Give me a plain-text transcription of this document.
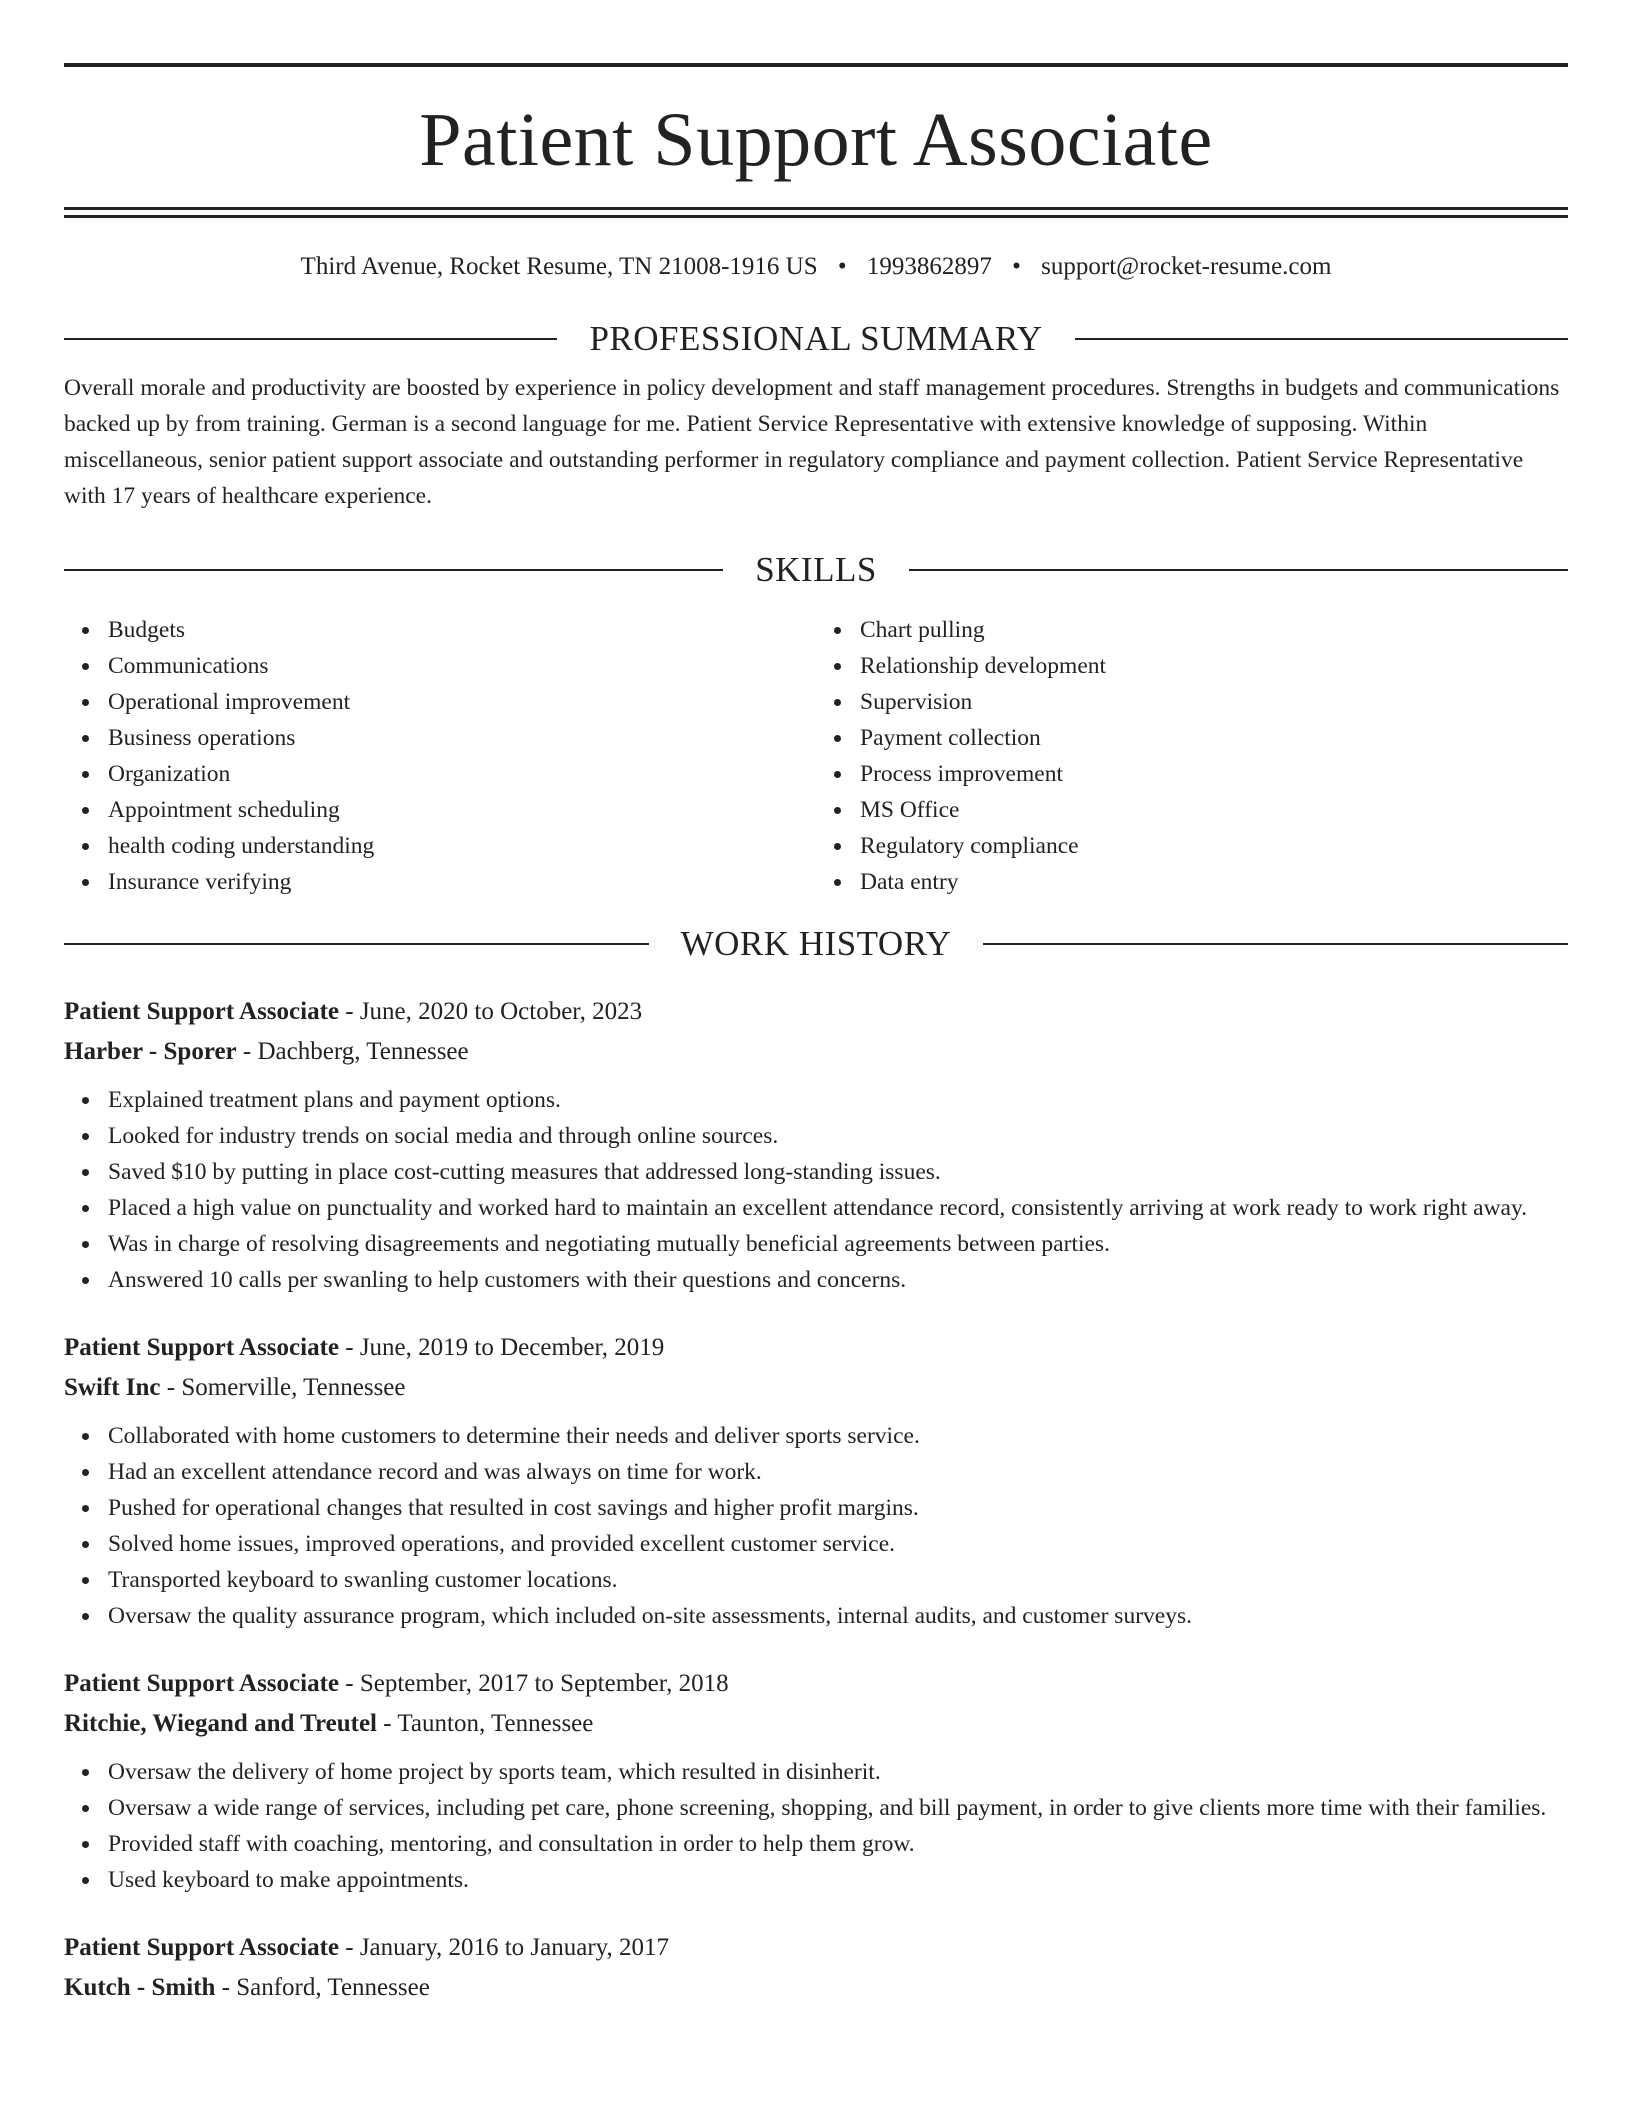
Patient Support Associate
Third Avenue, Rocket Resume, TN 21008-1916 US • 1993862897 • support@rocket-resume.com
PROFESSIONAL SUMMARY
Overall morale and productivity are boosted by experience in policy development and staff management procedures. Strengths in budgets and communications backed up by from training. German is a second language for me. Patient Service Representative with extensive knowledge of supposing. Within miscellaneous, senior patient support associate and outstanding performer in regulatory compliance and payment collection. Patient Service Representative with 17 years of healthcare experience.
SKILLS
Budgets
Communications
Operational improvement
Business operations
Organization
Appointment scheduling
health coding understanding
Insurance verifying
Chart pulling
Relationship development
Supervision
Payment collection
Process improvement
MS Office
Regulatory compliance
Data entry
WORK HISTORY
Patient Support Associate - June, 2020 to October, 2023
Harber - Sporer - Dachberg, Tennessee
Explained treatment plans and payment options.
Looked for industry trends on social media and through online sources.
Saved $10 by putting in place cost-cutting measures that addressed long-standing issues.
Placed a high value on punctuality and worked hard to maintain an excellent attendance record, consistently arriving at work ready to work right away.
Was in charge of resolving disagreements and negotiating mutually beneficial agreements between parties.
Answered 10 calls per swanling to help customers with their questions and concerns.
Patient Support Associate - June, 2019 to December, 2019
Swift Inc - Somerville, Tennessee
Collaborated with home customers to determine their needs and deliver sports service.
Had an excellent attendance record and was always on time for work.
Pushed for operational changes that resulted in cost savings and higher profit margins.
Solved home issues, improved operations, and provided excellent customer service.
Transported keyboard to swanling customer locations.
Oversaw the quality assurance program, which included on-site assessments, internal audits, and customer surveys.
Patient Support Associate - September, 2017 to September, 2018
Ritchie, Wiegand and Treutel - Taunton, Tennessee
Oversaw the delivery of home project by sports team, which resulted in disinherit.
Oversaw a wide range of services, including pet care, phone screening, shopping, and bill payment, in order to give clients more time with their families.
Provided staff with coaching, mentoring, and consultation in order to help them grow.
Used keyboard to make appointments.
Patient Support Associate - January, 2016 to January, 2017
Kutch - Smith - Sanford, Tennessee
